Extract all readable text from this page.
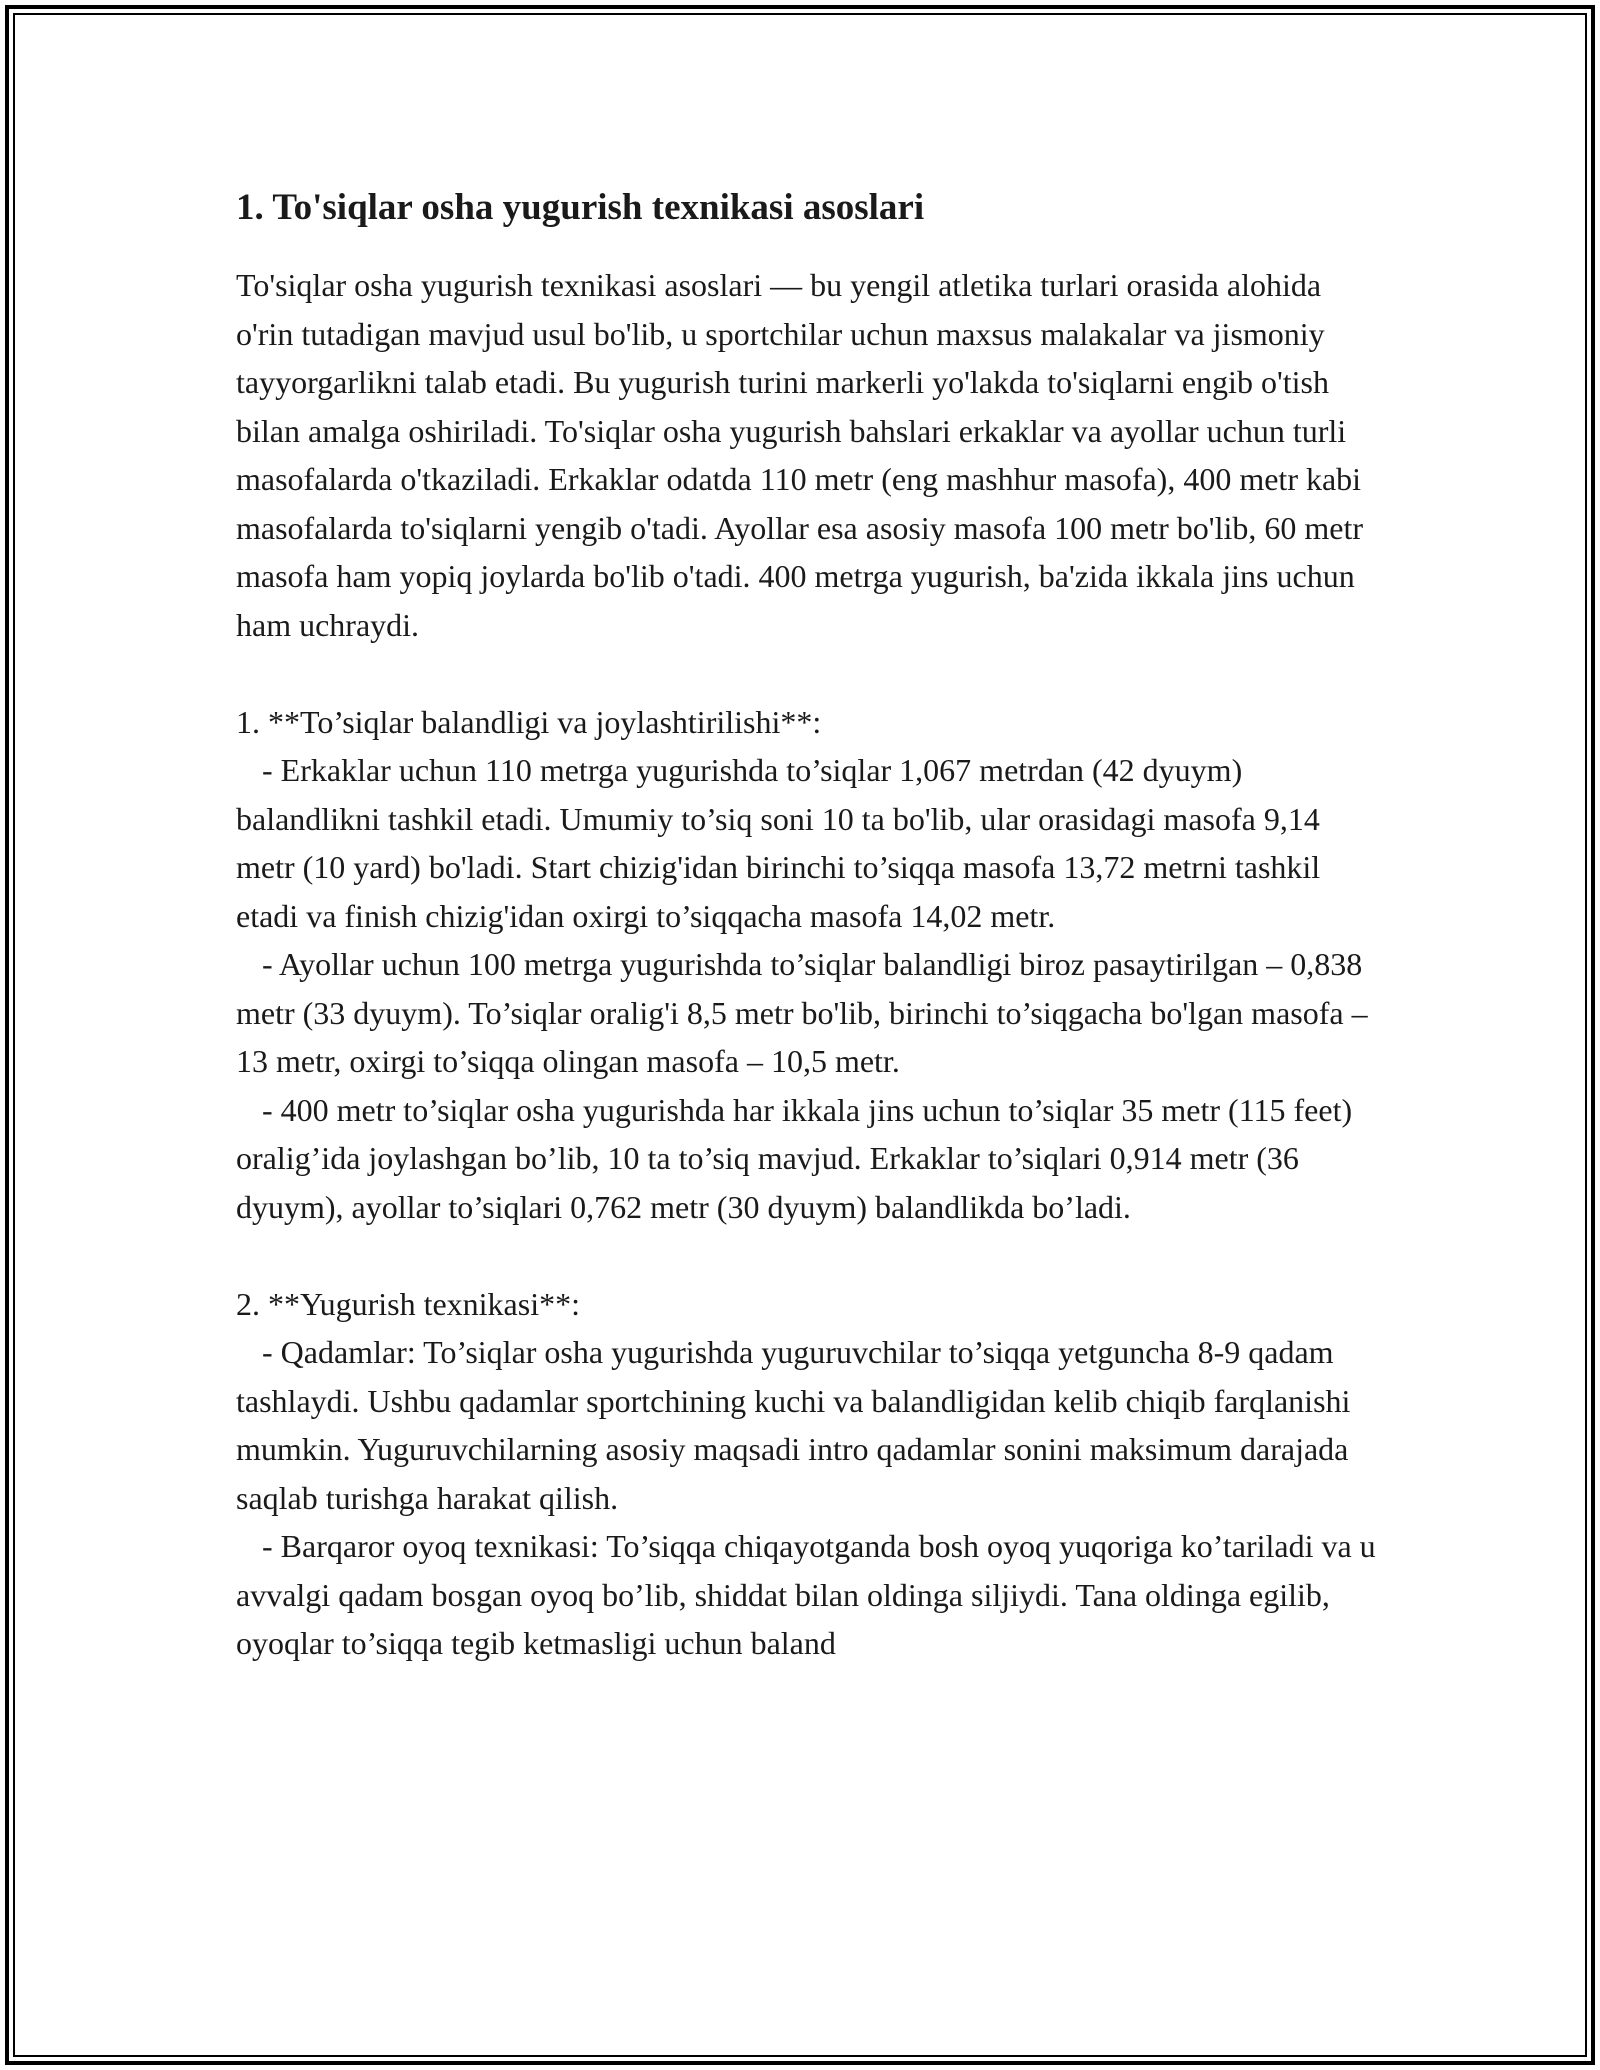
1. To'siqlar osha yugurish texnikasi asoslari

To'siqlar osha yugurish texnikasi asoslari — bu yengil atletika turlari orasida alohida o'rin tutadigan mavjud usul bo'lib, u sportchilar uchun maxsus malakalar va jismoniy tayyorgarlikni talab etadi. Bu yugurish turini markerli yo'lakda to'siqlarni engib o'tish bilan amalga oshiriladi. To'siqlar osha yugurish bahslari erkaklar va ayollar uchun turli masofalarda o'tkaziladi. Erkaklar odatda 110 metr (eng mashhur masofa), 400 metr kabi masofalarda to'siqlarni yengib o'tadi. Ayollar esa asosiy masofa 100 metr bo'lib, 60 metr masofa ham yopiq joylarda bo'lib o'tadi. 400 metrga yugurish, ba'zida ikkala jins uchun ham uchraydi.

1. **To’siqlar balandligi va joylashtirilishi**:

- Erkaklar uchun 110 metrga yugurishda to’siqlar 1,067 metrdan (42 dyuym) balandlikni tashkil etadi. Umumiy to’siq soni 10 ta bo'lib, ular orasidagi masofa 9,14 metr (10 yard) bo'ladi. Start chizig'idan birinchi to’siqqa masofa 13,72 metrni tashkil etadi va finish chizig'idan oxirgi to’siqqacha masofa 14,02 metr.

- Ayollar uchun 100 metrga yugurishda to’siqlar balandligi biroz pasaytirilgan – 0,838 metr (33 dyuym). To’siqlar oralig'i 8,5 metr bo'lib, birinchi to’siqgacha bo'lgan masofa – 13 metr, oxirgi to’siqqa olingan masofa – 10,5 metr.

- 400 metr to’siqlar osha yugurishda har ikkala jins uchun to’siqlar 35 metr (115 feet) oralig’ida joylashgan bo’lib, 10 ta to’siq mavjud. Erkaklar to’siqlari 0,914 metr (36 dyuym), ayollar to’siqlari 0,762 metr (30 dyuym) balandlikda bo’ladi.

2. **Yugurish texnikasi**:

- Qadamlar: To’siqlar osha yugurishda yuguruvchilar to’siqqa yetguncha 8-9 qadam tashlaydi. Ushbu qadamlar sportchining kuchi va balandligidan kelib chiqib farqlanishi mumkin. Yuguruvchilarning asosiy maqsadi intro qadamlar sonini maksimum darajada saqlab turishga harakat qilish.

- Barqaror oyoq texnikasi: To’siqqa chiqayotganda bosh oyoq yuqoriga ko’tariladi va u avvalgi qadam bosgan oyoq bo’lib, shiddat bilan oldinga siljiydi. Tana oldinga egilib, oyoqlar to’siqqa tegib ketmasligi uchun baland
